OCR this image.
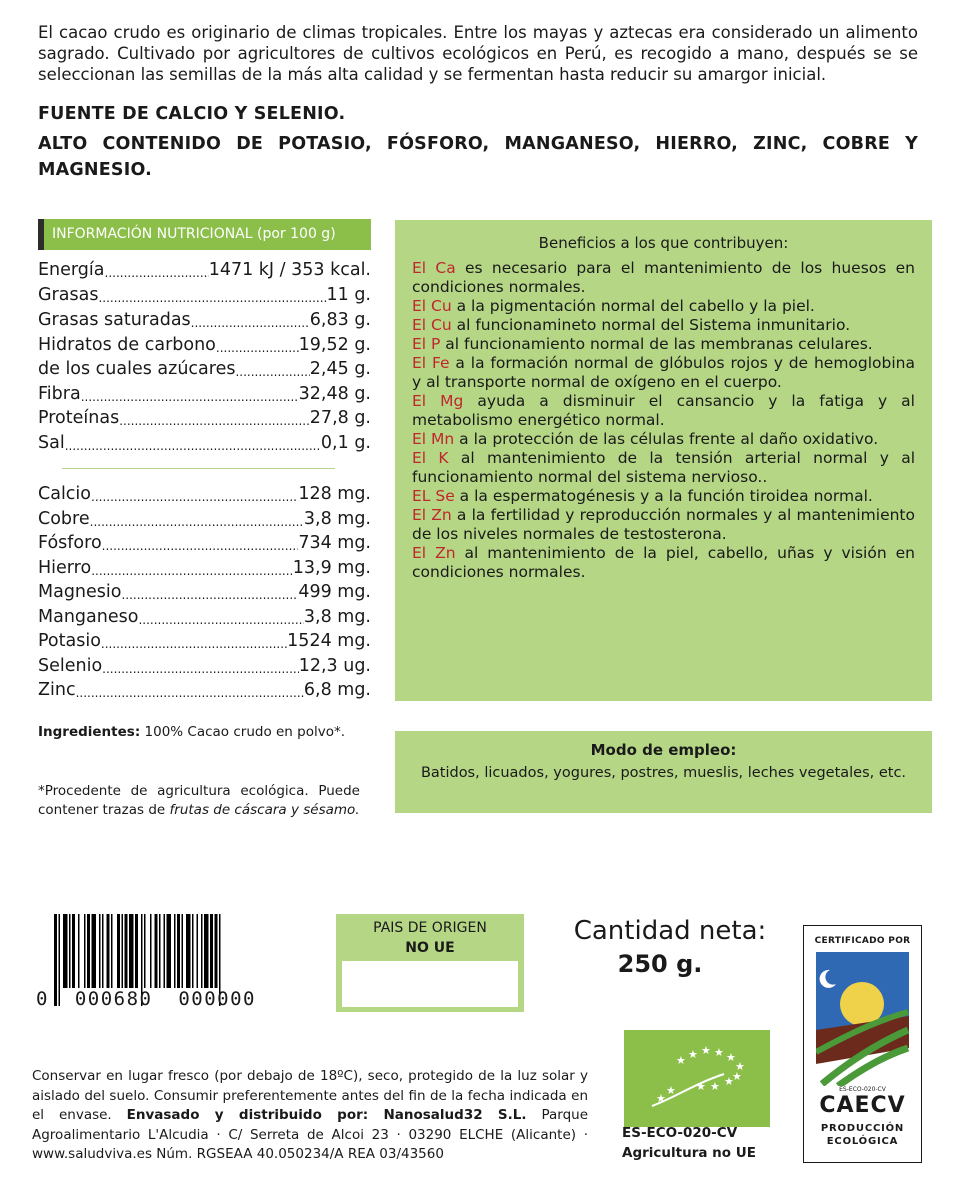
El cacao crudo es originario de climas tropicales. Entre los mayas y aztecas era considerado un alimento sagrado. Cultivado por agricultores de cultivos ecológicos en Perú, es recogido a mano, después se se seleccionan las semillas de la más alta calidad y se fermentan hasta reducir su amargor inicial.
FUENTE DE CALCIO Y SELENIO.
ALTO CONTENIDO DE POTASIO, FÓSFORO, MANGANESO, HIERRO, ZINC, COBRE Y MAGNESIO.
INFORMACIÓN NUTRICIONAL (por 100 g)
Energía .....	1471 kJ / 353 kcal.
Grasas .....	11 g.
Grasas saturadas .....	6,83 g.
Hidratos de carbono .....	19,52 g.
de los cuales azúcares .....	2,45 g.
Fibra .....	32,48 g.
Proteínas .....	27,8 g.
Sal .....	0,1 g.
Calcio .....	128 mg.
Cobre .....	3,8 mg.
Fósforo .....	734 mg.
Hierro .....	13,9 mg.
Magnesio .....	499 mg.
Manganeso .....	3,8 mg.
Potasio .....	1524 mg.
Selenio .....	12,3 ug.
Zinc .....	6,8 mg.
Ingredientes: 100% Cacao crudo en polvo*.
*Procedente de agricultura ecológica. Puede contener trazas de frutas de cáscara y sésamo.
Beneficios a los que contribuyen:

El Ca es necesario para el mantenimiento de los huesos en condiciones normales.

El Cu a la pigmentación normal del cabello y la piel.

El Cu al funcionamineto normal del Sistema inmunitario.

El P al funcionamiento normal de las membranas celulares.

El Fe a la formación normal de glóbulos rojos y de hemoglobina y al transporte normal de oxígeno en el cuerpo.

El Mg ayuda a disminuir el cansancio y la fatiga y al metabolismo energético normal.

El Mn a la protección de las células frente al daño oxidativo.

El K al mantenimiento de la tensión arterial normal y al funcionamiento normal del sistema nervioso..

EL Se a la espermatogénesis y a la función tiroidea normal.

El Zn a la fertilidad y reproducción normales y al mantenimiento de los niveles normales de testosterona.

El Zn al mantenimiento de la piel, cabello, uñas y visión en condiciones normales.

Modo de empleo:
Batidos, licuados, yogures, postres, mueslis, leches vegetales, etc.
0  000680  000000
PAIS DE ORIGEN
NO UE
Cantidad neta:
250 g.
Conservar en lugar fresco (por debajo de 18ºC), seco, protegido de la luz solar y aislado del suelo. Consumir preferentemente antes del fin de la fecha indicada en el envase. Envasado y distribuido por: Nanosalud32 S.L. Parque Agroalimentario L'Alcudia · C/ Serreta de Alcoi 23 · 03290 ELCHE (Alicante) · www.saludviva.es Núm. RGSEAA 40.050234/A REA 03/43560
★ ★ ★ ★ ★
★
★
★
★
★
★
★
ES-ECO-020-CV
Agricultura no UE
CERTIFICADO POR
ES-ECO-020-CV
CAECV
PRODUCCIÓN
ECOLÓGICA
